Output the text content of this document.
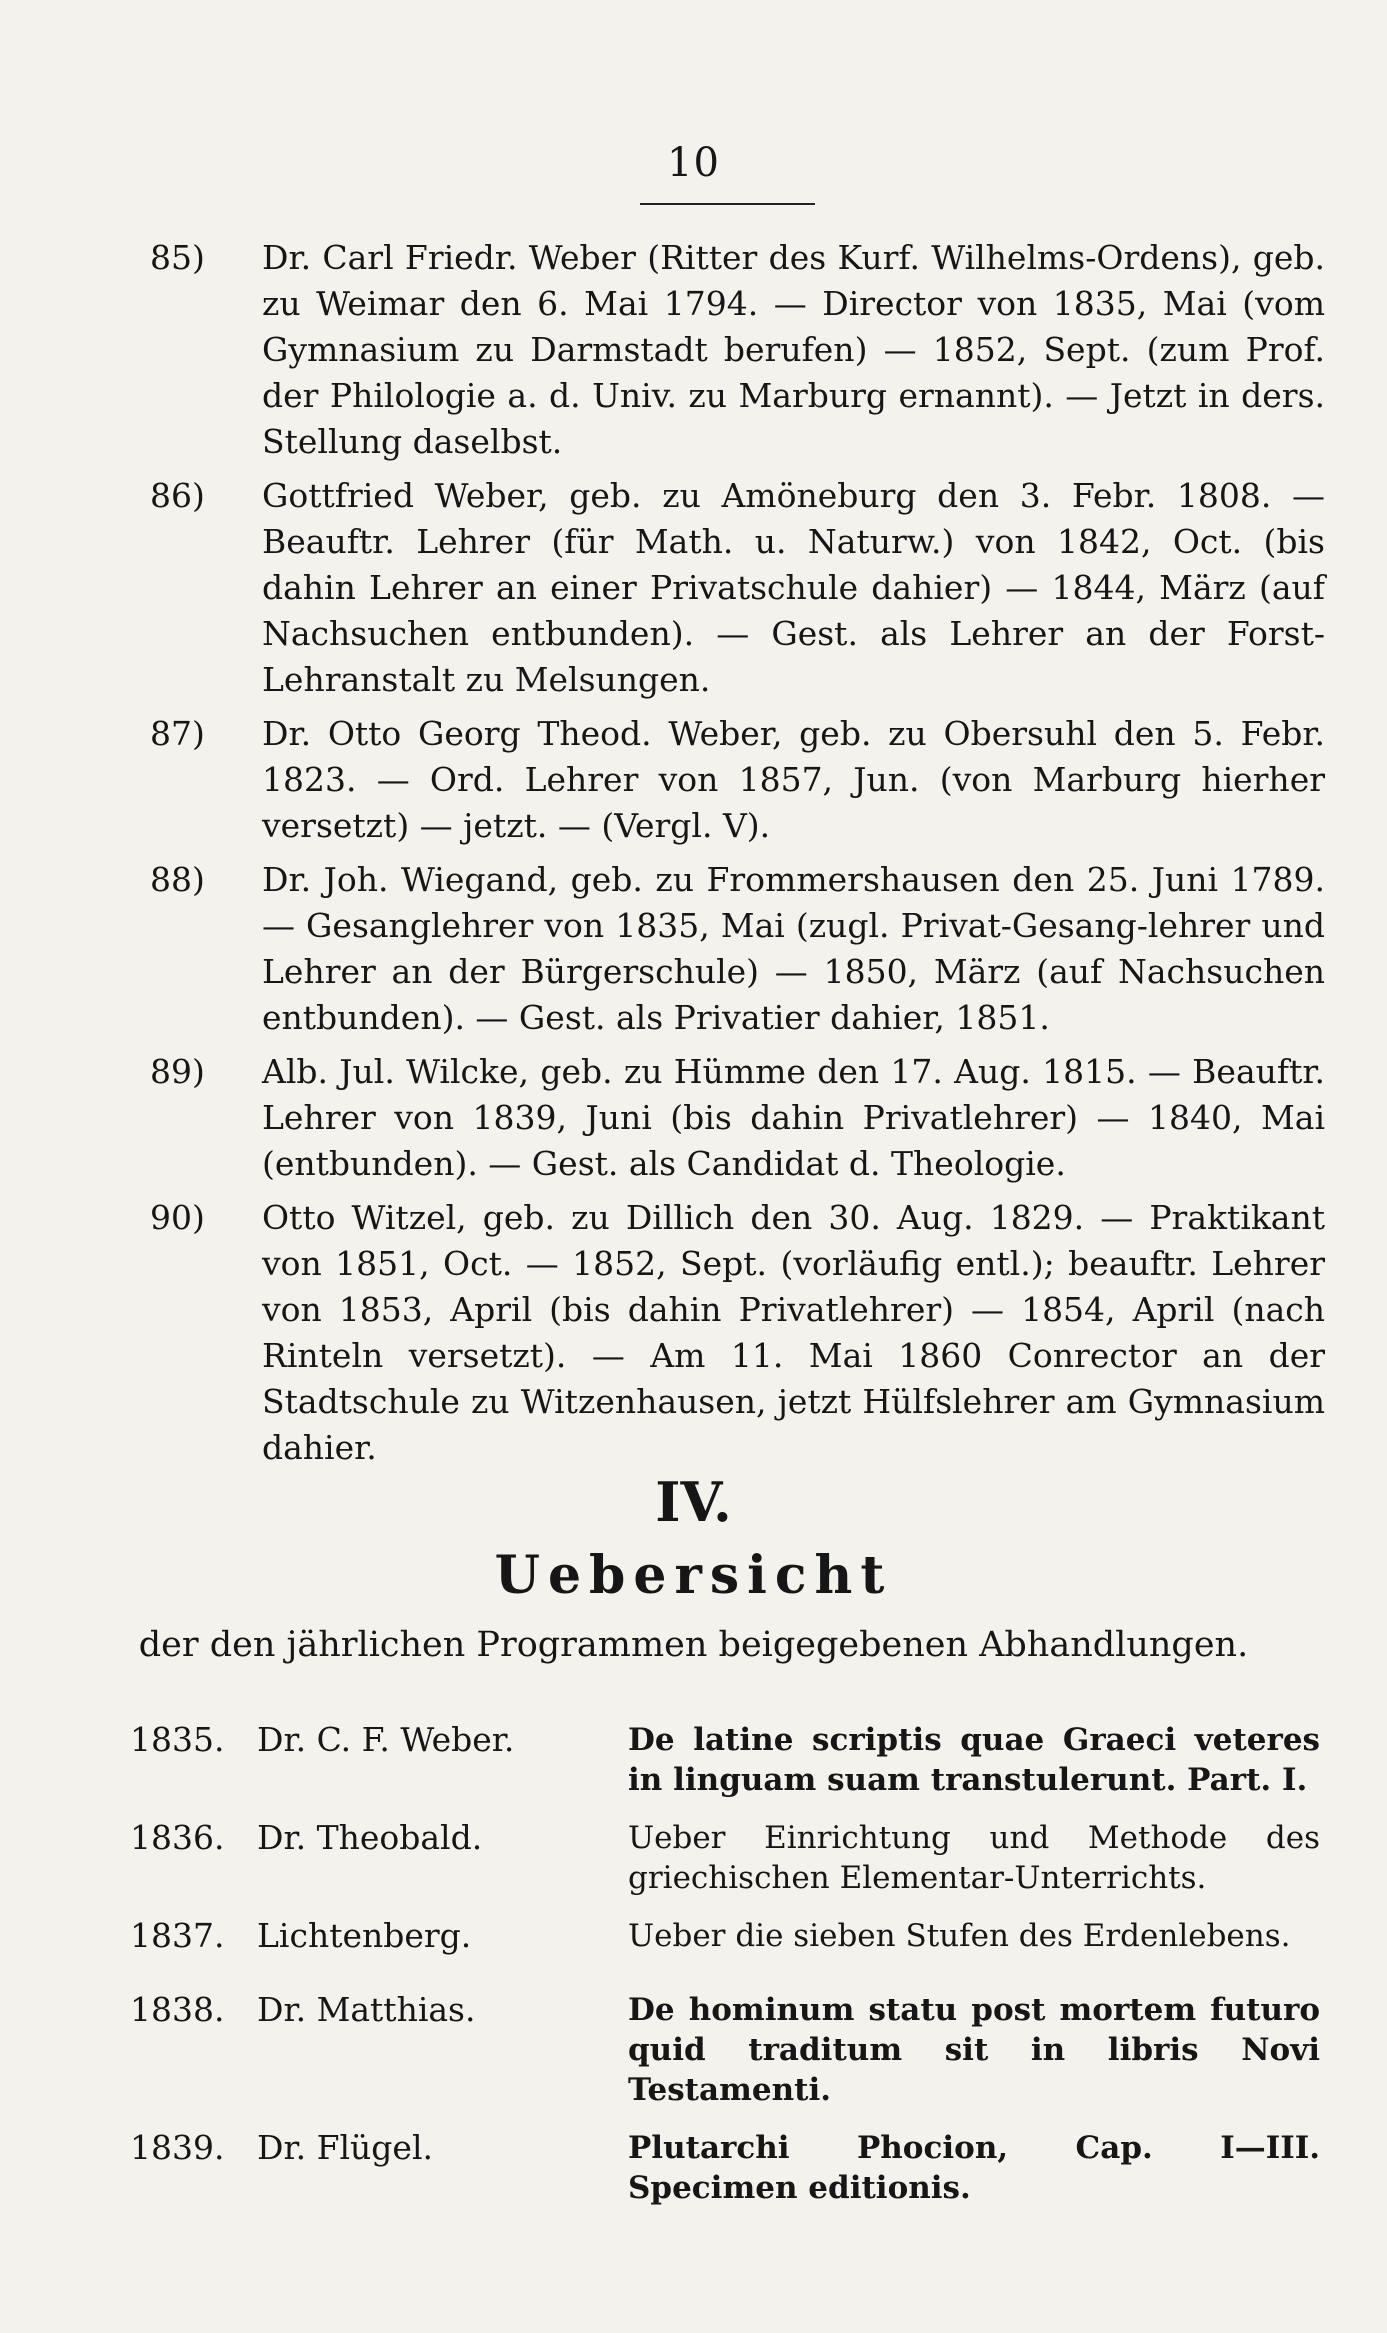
10
85)	Dr. Carl Friedr. Weber (Ritter des Kurf. Wilhelms-Ordens), geb. zu Weimar den 6. Mai 1794. — Director von 1835, Mai (vom Gymnasium zu Darmstadt berufen) — 1852, Sept. (zum Prof. der Philologie a. d. Univ. zu Marburg ernannt). — Jetzt in ders. Stellung daselbst.
86)	Gottfried Weber, geb. zu Amöneburg den 3. Febr. 1808. — Beauftr. Lehrer (für Math. u. Naturw.) von 1842, Oct. (bis dahin Lehrer an einer Privatschule dahier) — 1844, März (auf Nachsuchen entbunden). — Gest. als Lehrer an der Forst-Lehranstalt zu Melsungen.
87)	Dr. Otto Georg Theod. Weber, geb. zu Obersuhl den 5. Febr. 1823. — Ord. Lehrer von 1857, Jun. (von Marburg hierher versetzt) — jetzt. — (Vergl. V).
88)	Dr. Joh. Wiegand, geb. zu Frommershausen den 25. Juni 1789. — Gesanglehrer von 1835, Mai (zugl. Privat-Gesang-lehrer und Lehrer an der Bürgerschule) — 1850, März (auf Nachsuchen entbunden). — Gest. als Privatier dahier, 1851.
89)	Alb. Jul. Wilcke, geb. zu Hümme den 17. Aug. 1815. — Beauftr. Lehrer von 1839, Juni (bis dahin Privatlehrer) — 1840, Mai (entbunden). — Gest. als Candidat d. Theologie.
90)	Otto Witzel, geb. zu Dillich den 30. Aug. 1829. — Praktikant von 1851, Oct. — 1852, Sept. (vorläufig entl.); beauftr. Lehrer von 1853, April (bis dahin Privatlehrer) — 1854, April (nach Rinteln versetzt). — Am 11. Mai 1860 Conrector an der Stadtschule zu Witzenhausen, jetzt Hülfslehrer am Gymnasium dahier.
IV.
Uebersicht
der den jährlichen Programmen beigegebenen Abhandlungen.
1835. Dr. C. F. Weber.	De latine scriptis quae Graeci veteres in linguam suam transtulerunt. Part. I.
1836. Dr. Theobald.	Ueber Einrichtung und Methode des griechischen Elementar-Unterrichts.
1837. Lichtenberg.	Ueber die sieben Stufen des Erdenlebens.
1838. Dr. Matthias.	De hominum statu post mortem futuro quid traditum sit in libris Novi Testamenti.
1839. Dr. Flügel.	Plutarchi Phocion, Cap. I—III. Specimen editionis.
